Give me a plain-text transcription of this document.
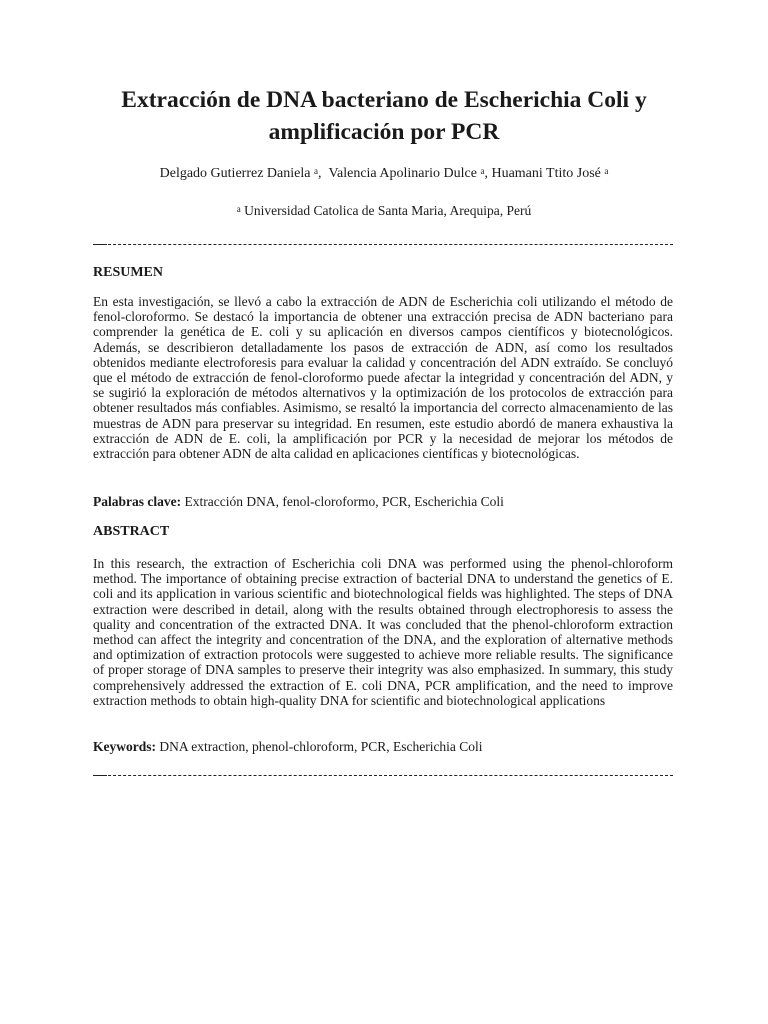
Extracción de DNA bacteriano de Escherichia Coli y
amplificación por PCR
Delgado Gutierrez Daniela $^a$,  Valencia Apolinario Dulce $^a$, Huamani Ttito José $^a$
$^a$ Universidad Catolica de Santa Maria, Arequipa, Perú
RESUMEN

En esta investigación, se llevó a cabo la extracción de ADN de Escherichia coli utilizando el método de fenol-cloroformo. Se destacó la importancia de obtener una extracción precisa de ADN bacteriano para comprender la genética de E. coli y su aplicación en diversos campos científicos y biotecnológicos. Además, se describieron detalladamente los pasos de extracción de ADN, así como los resultados obtenidos mediante electroforesis para evaluar la calidad y concentración del ADN extraído. Se concluyó que el método de extracción de fenol-cloroformo puede afectar la integridad y concentración del ADN, y se sugirió la exploración de métodos alternativos y la optimización de los protocolos de extracción para obtener resultados más confiables. Asimismo, se resaltó la importancia del correcto almacenamiento de las muestras de ADN para preservar su integridad. En resumen, este estudio abordó de manera exhaustiva la extracción de ADN de E. coli, la amplificación por PCR y la necesidad de mejorar los métodos de extracción para obtener ADN de alta calidad en aplicaciones científicas y biotecnológicas.

Palabras clave: Extracción DNA, fenol-cloroformo, PCR, Escherichia Coli
ABSTRACT

In this research, the extraction of Escherichia coli DNA was performed using the phenol-chloroform method. The importance of obtaining precise extraction of bacterial DNA to understand the genetics of E. coli and its application in various scientific and biotechnological fields was highlighted. The steps of DNA extraction were described in detail, along with the results obtained through electrophoresis to assess the quality and concentration of the extracted DNA. It was concluded that the phenol-chloroform extraction method can affect the integrity and concentration of the DNA, and the exploration of alternative methods and optimization of extraction protocols were suggested to achieve more reliable results. The significance of proper storage of DNA samples to preserve their integrity was also emphasized. In summary, this study comprehensively addressed the extraction of E. coli DNA, PCR amplification, and the need to improve extraction methods to obtain high-quality DNA for scientific and biotechnological applications

Keywords: DNA extraction, phenol-chloroform, PCR, Escherichia Coli
